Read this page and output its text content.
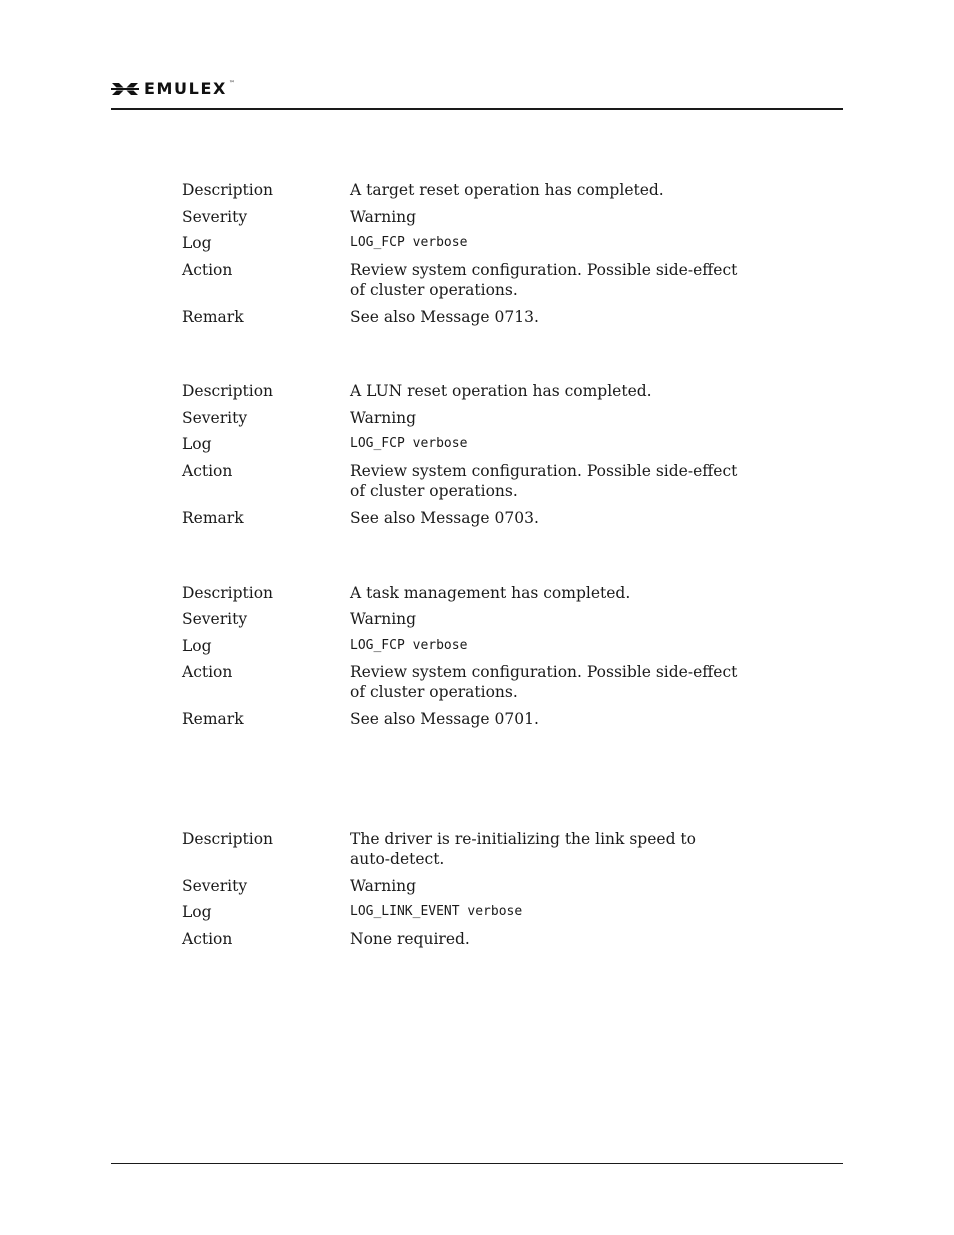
EMULEX ™
Description	A target reset operation has completed.
Severity	Warning
Log	LOG_FCP verbose
Action	Review system configuration. Possible side-effect
of cluster operations.
Remark	See also Message 0713.
Description	A LUN reset operation has completed.
Severity	Warning
Log	LOG_FCP verbose
Action	Review system configuration. Possible side-effect
of cluster operations.
Remark	See also Message 0703.
Description	A task management has completed.
Severity	Warning
Log	LOG_FCP verbose
Action	Review system configuration. Possible side-effect
of cluster operations.
Remark	See also Message 0701.
Description	The driver is re-initializing the link speed to
auto-detect.
Severity	Warning
Log	LOG_LINK_EVENT verbose
Action	None required.
